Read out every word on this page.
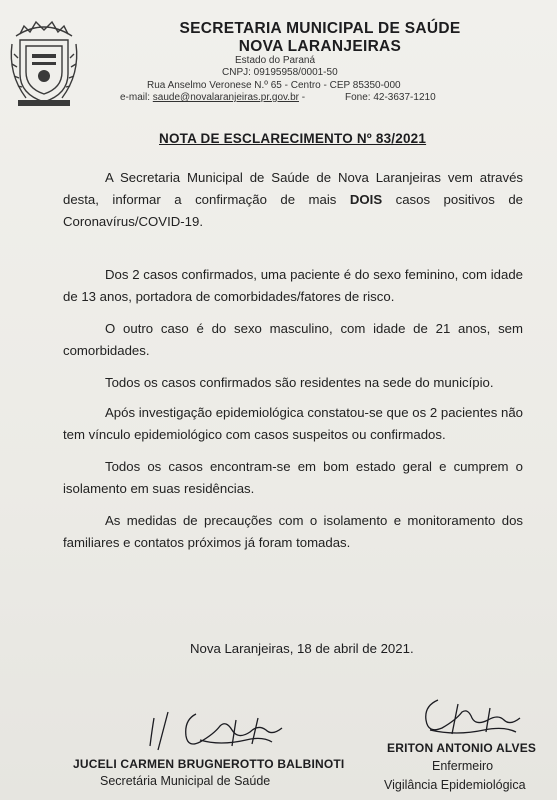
SECRETARIA MUNICIPAL DE SAÚDE
NOVA LARANJEIRAS
Estado do Paraná
CNPJ: 09195958/0001-50
Rua Anselmo Veronese N.º 65 - Centro - CEP 85350-000
e-mail: saude@novalaranjeiras.pr.gov.br -	Fone: 42-3637-1210
NOTA DE ESCLARECIMENTO Nº 83/2021
A Secretaria Municipal de Saúde de Nova Laranjeiras vem através desta, informar a confirmação de mais DOIS casos positivos de Coronavírus/COVID-19.
Dos 2 casos confirmados, uma paciente é do sexo feminino, com idade de 13 anos, portadora de comorbidades/fatores de risco.
O outro caso é do sexo masculino, com idade de 21 anos, sem comorbidades.
Todos os casos confirmados são residentes na sede do município.
Após investigação epidemiológica constatou-se que os 2 pacientes não tem vínculo epidemiológico com casos suspeitos ou confirmados.
Todos os casos encontram-se em bom estado geral e cumprem o isolamento em suas residências.
As medidas de precauções com o isolamento e monitoramento dos familiares e contatos próximos já foram tomadas.
Nova Laranjeiras, 18 de abril de 2021.
JUCELI CARMEN BRUGNEROTTO BALBINOTI
Secretária Municipal de Saúde
ERITON ANTONIO ALVES
Enfermeiro
Vigilância Epidemiológica
